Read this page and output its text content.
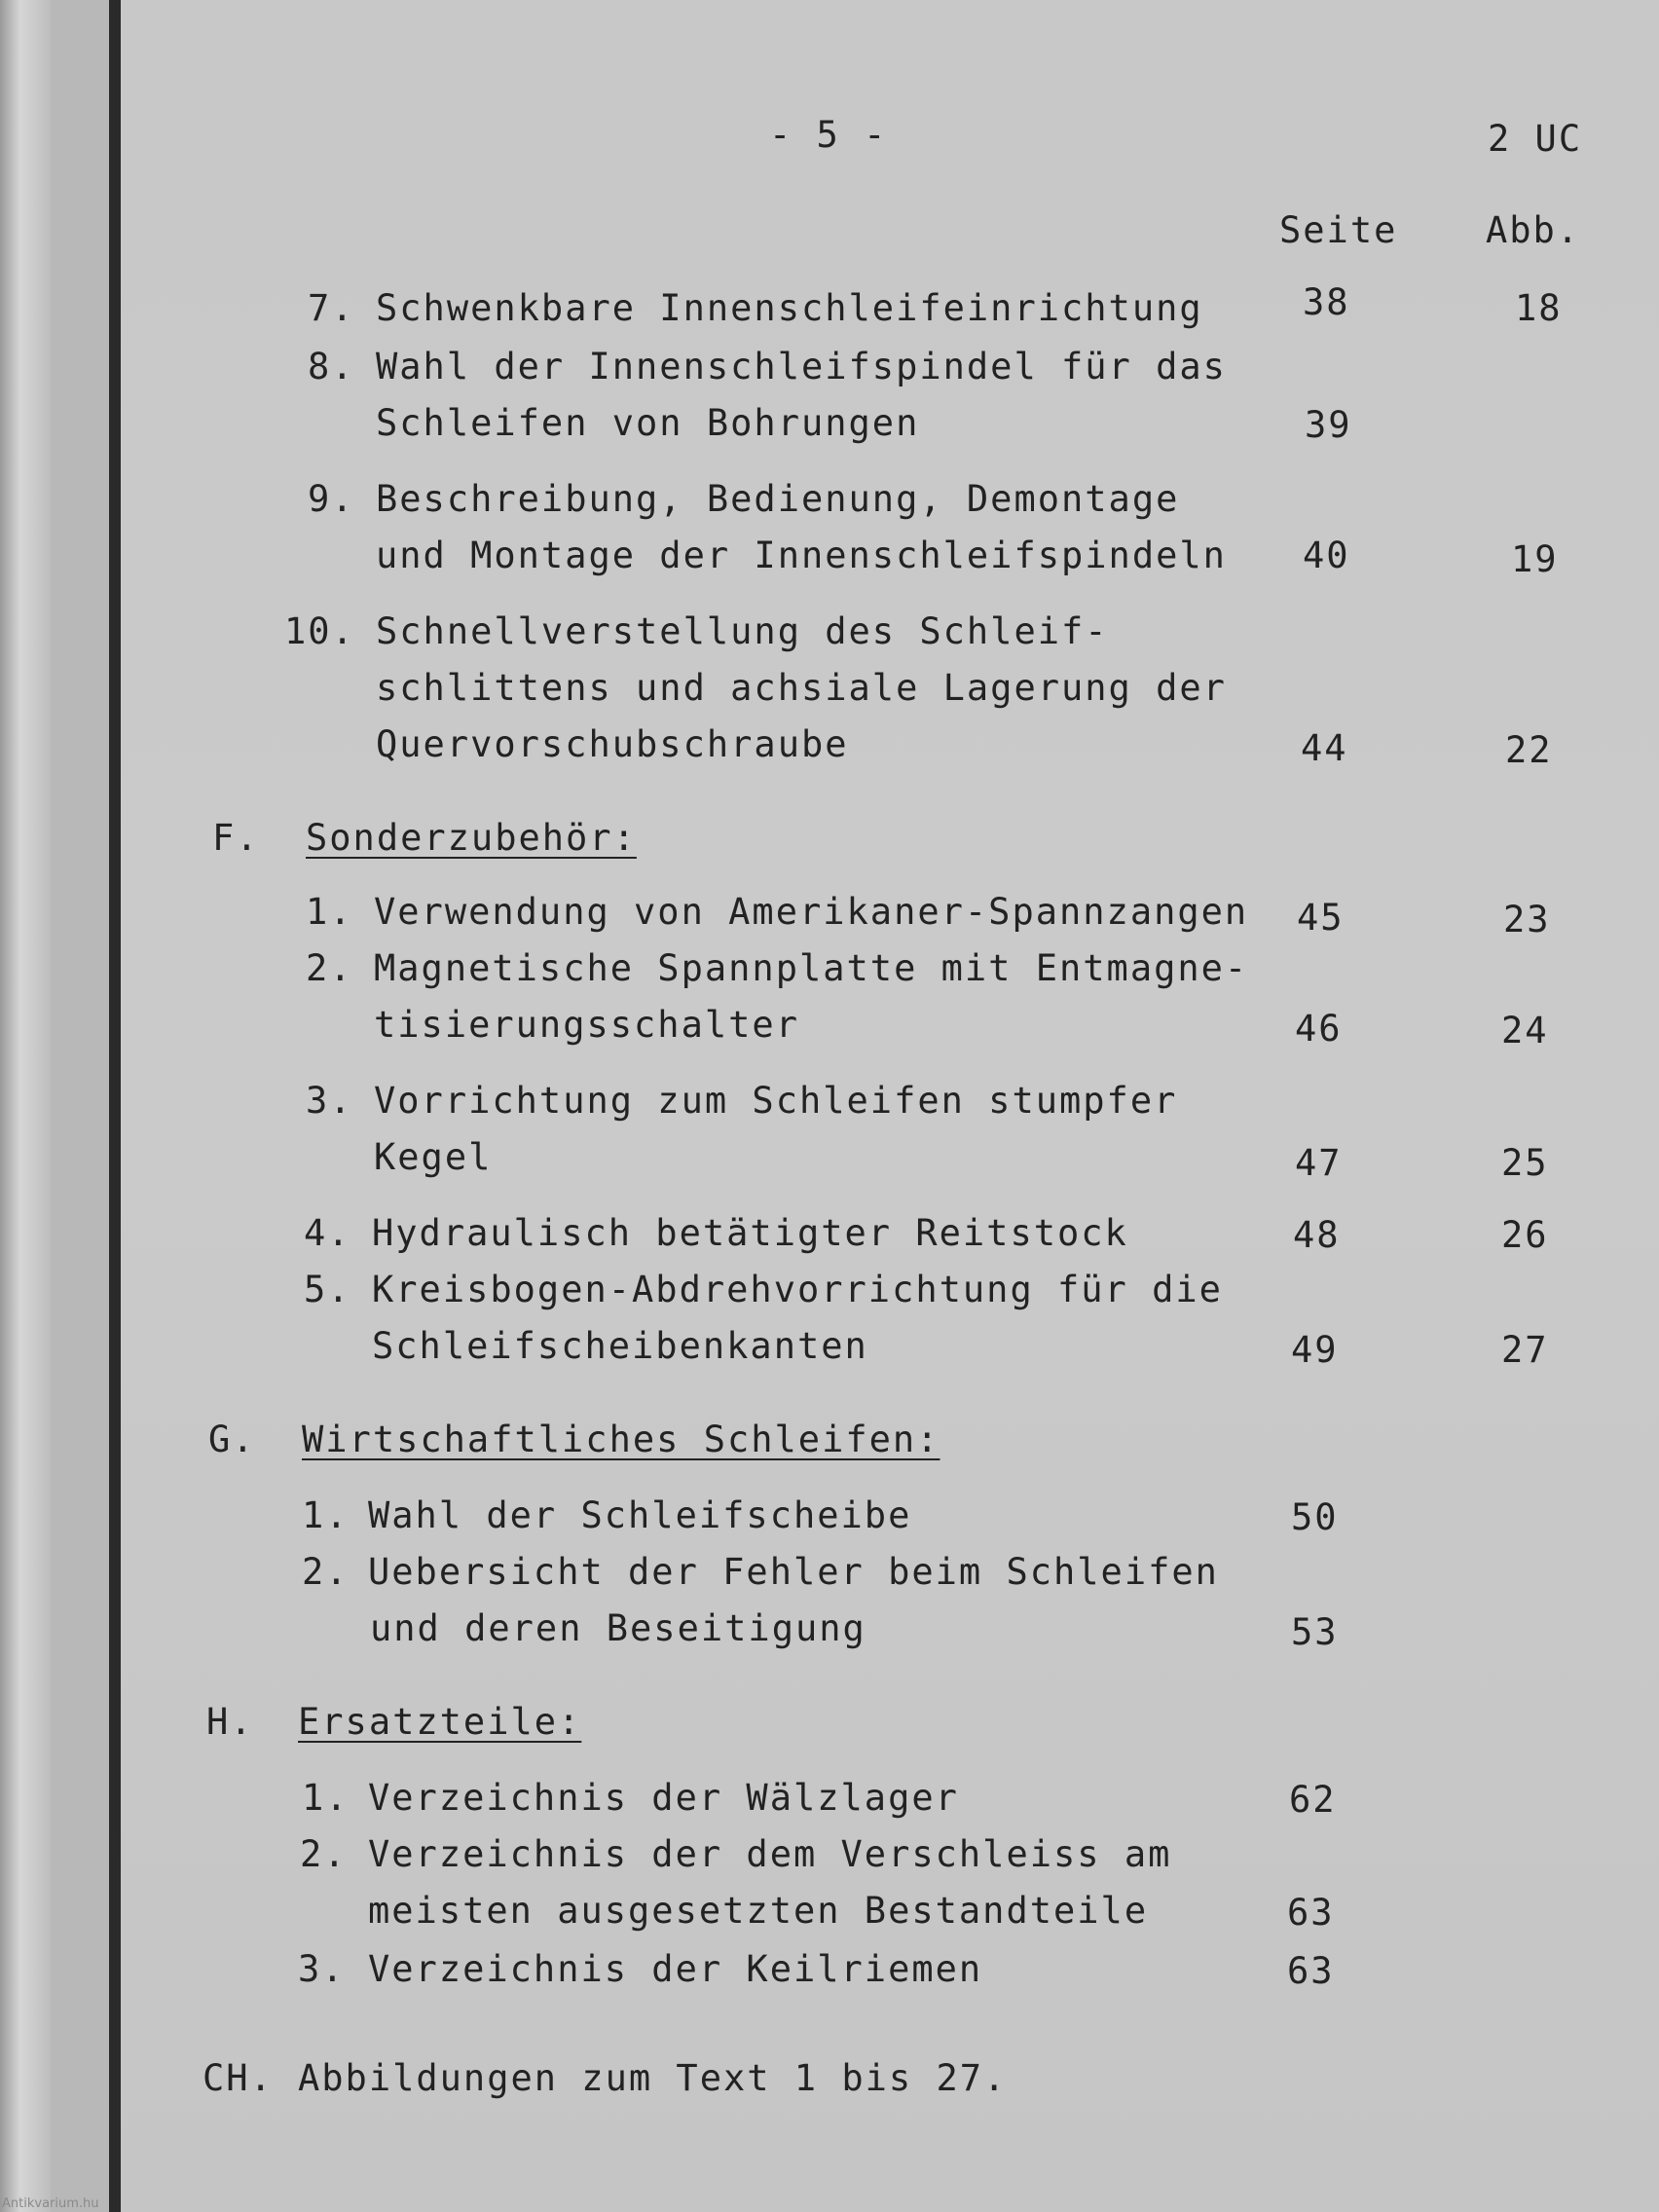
- 5 -	2 UC
Seite Abb.
7. Schwenkbare Innenschleifeinrichtung	38	18
8. Wahl der Innenschleifspindel für das
Schleifen von Bohrungen	39
9. Beschreibung, Bedienung, Demontage
und Montage der Innenschleifspindeln 40	19
10. Schnellverstellung des Schleif-
schlittens und achsiale Lagerung der
Quervorschubschraube	44	22
F. Sonderzubehör:
1. Verwendung von Amerikaner-Spannzangen 45	23
2. Magnetische Spannplatte mit Entmagne-
tisierungsschalter	46	24
3. Vorrichtung zum Schleifen stumpfer
Kegel	47	25
4. Hydraulisch betätigter Reitstock	48	26
5. Kreisbogen-Abdrehvorrichtung für die
Schleifscheibenkanten	49	27
G. Wirtschaftliches Schleifen:
1. Wahl der Schleifscheibe	50
2. Uebersicht der Fehler beim Schleifen
und deren Beseitigung	53
H. Ersatzteile:
1. Verzeichnis der Wälzlager	62
2. Verzeichnis der dem Verschleiss am
meisten ausgesetzten Bestandteile	63
3. Verzeichnis der Keilriemen	63
CH. Abbildungen zum Text 1 bis 27.
Antikvarium.hu
